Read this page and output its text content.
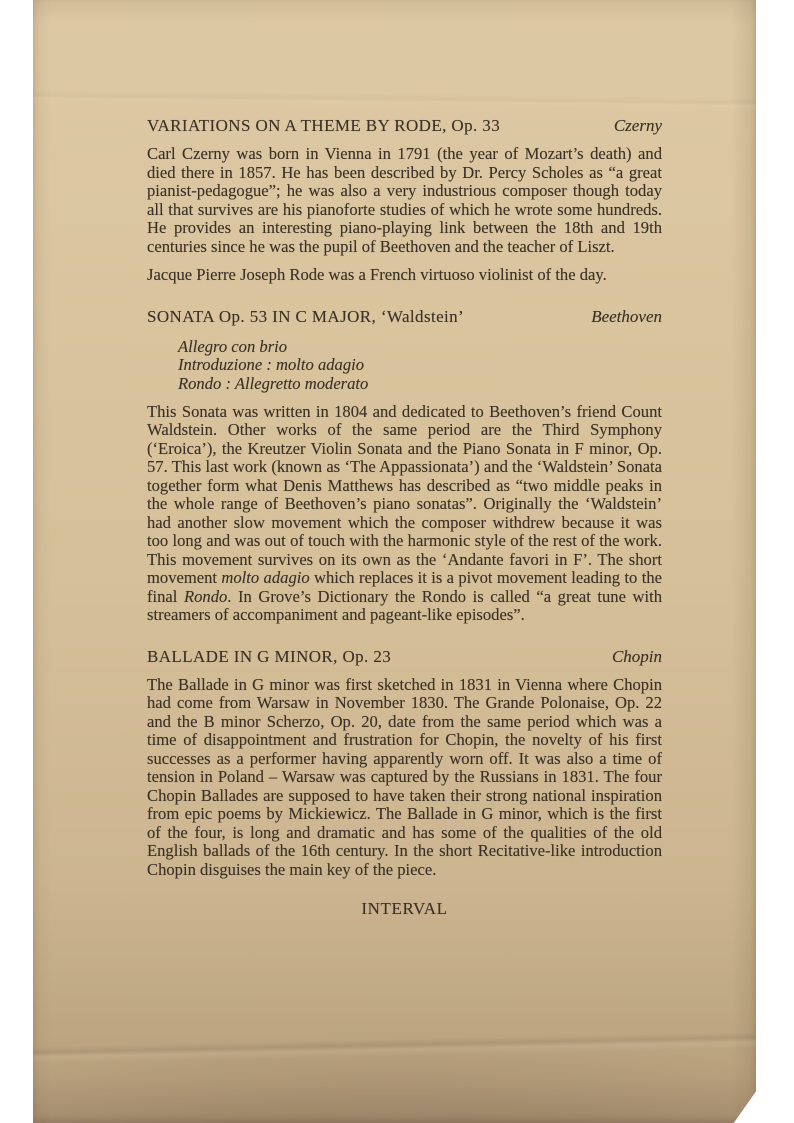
VARIATIONS ON A THEME BY RODE, Op. 33	Czerny

Carl Czerny was born in Vienna in 1791 (the year of Mozart’s death) and died there in 1857. He has been described by Dr. Percy Scholes as “a great pianist-pedagogue”; he was also a very industrious composer though today all that survives are his pianoforte studies of which he wrote some hundreds. He provides an interesting piano-playing link between the 18th and 19th centuries since he was the pupil of Beethoven and the teacher of Liszt.

Jacque Pierre Joseph Rode was a French virtuoso violinist of the day.

SONATA Op. 53 IN C MAJOR, ‘Waldstein’	Beethoven
Allegro con brio
Introduzione : molto adagio
Rondo : Allegretto moderato

This Sonata was written in 1804 and dedicated to Beethoven’s friend Count Waldstein. Other works of the same period are the Third Symphony (‘Eroica’), the Kreutzer Violin Sonata and the Piano Sonata in F minor, Op. 57. This last work (known as ‘The Appassionata’) and the ‘Waldstein’ Sonata together form what Denis Matthews has described as “two middle peaks in the whole range of Beethoven’s piano sonatas”. Originally the ‘Waldstein’ had another slow movement which the composer withdrew because it was too long and was out of touch with the harmonic style of the rest of the work. This movement survives on its own as the ‘Andante favori in F’. The short movement molto adagio which replaces it is a pivot movement leading to the final Rondo. In Grove’s Dictionary the Rondo is called “a great tune with streamers of accompaniment and pageant-like episodes”.

BALLADE IN G MINOR, Op. 23	Chopin

The Ballade in G minor was first sketched in 1831 in Vienna where Chopin had come from Warsaw in November 1830. The Grande Polonaise, Op. 22 and the B minor Scherzo, Op. 20, date from the same period which was a time of disappointment and frustration for Chopin, the novelty of his first successes as a performer having apparently worn off. It was also a time of tension in Poland – Warsaw was captured by the Russians in 1831. The four Chopin Ballades are supposed to have taken their strong national inspiration from epic poems by Mickiewicz. The Ballade in G minor, which is the first of the four, is long and dramatic and has some of the qualities of the old English ballads of the 16th century. In the short Recitative-like introduction Chopin disguises the main key of the piece.

INTERVAL
